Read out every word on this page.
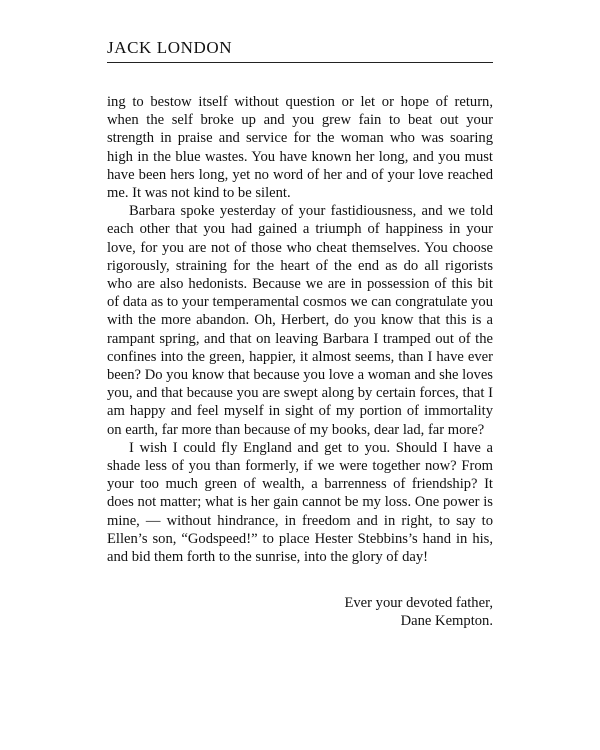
JACK LONDON

ing to bestow itself without question or let or hope of return, when the self broke up and you grew fain to beat out your strength in praise and service for the woman who was soaring high in the blue wastes. You have known her long, and you must have been hers long, yet no word of her and of your love reached me. It was not kind to be silent.

Barbara spoke yesterday of your fastidiousness, and we told each other that you had gained a triumph of happiness in your love, for you are not of those who cheat themselves. You choose rigorously, straining for the heart of the end as do all rigorists who are also hedonists. Because we are in possession of this bit of data as to your temperamental cosmos we can congratulate you with the more abandon. Oh, Herbert, do you know that this is a rampant spring, and that on leaving Barbara I tramped out of the confines into the green, happier, it almost seems, than I have ever been? Do you know that because you love a woman and she loves you, and that because you are swept along by certain forces, that I am happy and feel myself in sight of my portion of immortality on earth, far more than because of my books, dear lad, far more?

I wish I could fly England and get to you. Should I have a shade less of you than formerly, if we were together now? From your too much green of wealth, a barrenness of friendship? It does not matter; what is her gain cannot be my loss. One power is mine, — without hindrance, in freedom and in right, to say to Ellen’s son, “Godspeed!” to place Hester Stebbins’s hand in his, and bid them forth to the sunrise, into the glory of day!

Ever your devoted father,
Dane Kempton.
